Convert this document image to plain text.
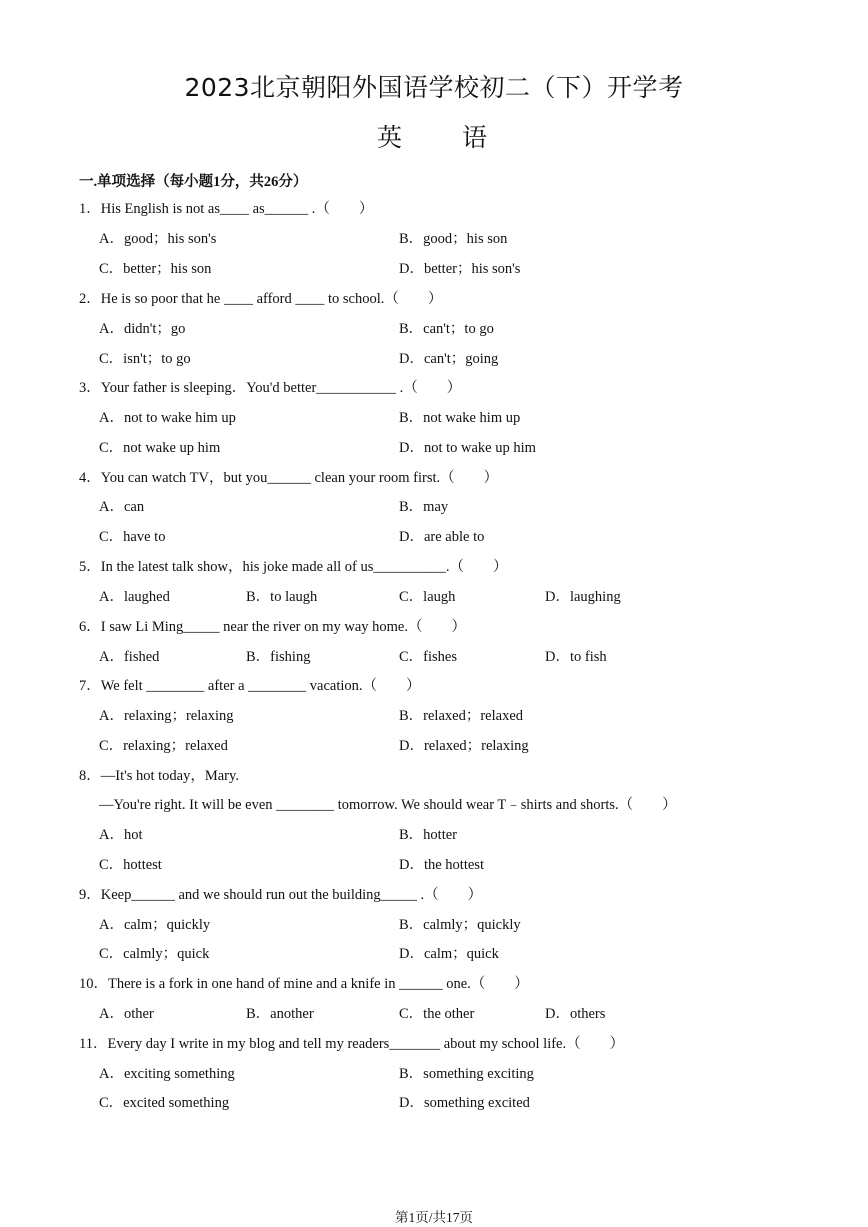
2023北京朝阳外国语学校初二（下）开学考
英 语
一.单项选择（每小题1分，共26分）
1．His English is not as____ as______ .（　　）
A．good；his son's	B．good；his son
C．better；his son	D．better；his son's
2．He is so poor that he ____ afford ____ to school.（　　）
A．didn't；go	B．can't；to go
C．isn't；to go	D．can't；going
3．Your father is sleeping．You'd better___________ .（　　）
A．not to wake him up	B．not wake him up
C．not wake up him	D．not to wake up him
4．You can watch TV，but you______ clean your room first.（　　）
A．can	B．may
C．have to	D．are able to
5．In the latest talk show，his joke made all of us__________.（　　）
A．laughed	B．to laugh	C．laugh	D．laughing
6．I saw Li Ming_____ near the river on my way home.（　　）
A．fished	B．fishing	C．fishes	D．to fish
7．We felt ________ after a ________ vacation.（　　）
A．relaxing；relaxing	B．relaxed；relaxed
C．relaxing；relaxed	D．relaxed；relaxing
8．—It's hot today，Mary.
—You're right. It will be even ________ tomorrow. We should wear T﹣shirts and shorts.（　　）
A．hot	B．hotter
C．hottest	D．the hottest
9．Keep______ and we should run out the building_____ .（　　）
A．calm；quickly	B．calmly；quickly
C．calmly；quick	D．calm；quick
10．There is a fork in one hand of mine and a knife in ______ one.（　　）
A．other	B．another	C．the other	D．others
11．Every day I write in my blog and tell my readers_______ about my school life.（　　）
A．exciting something	B．something exciting
C．excited something	D．something excited
第1页/共17页
